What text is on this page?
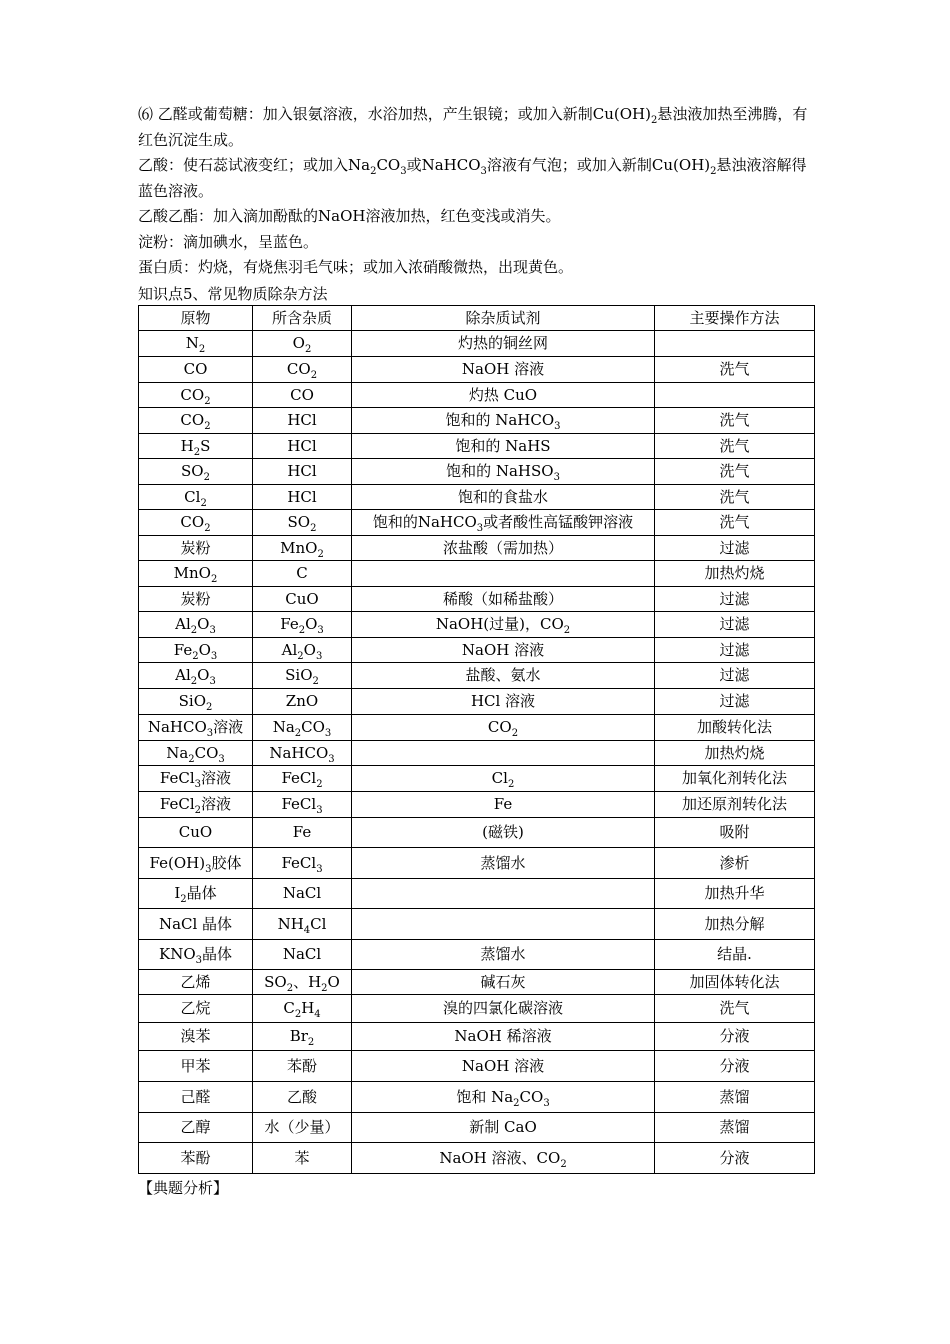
⑹ 乙醛或葡萄糖：加入银氨溶液，水浴加热，产生银镜；或加入新制$Cu(OH)_2$悬浊液加热至沸腾，有红色沉淀生成。

乙酸：使石蕊试液变红；或加入$Na_2CO_3$或NaHCO$_3$溶液有气泡；或加入新制$Cu(OH)_2$悬浊液溶解得蓝色溶液。

乙酸乙酯：加入滴加酚酞的NaOH溶液加热，红色变浅或消失。

淀粉：滴加碘水，呈蓝色。

蛋白质：灼烧，有烧焦羽毛气味；或加入浓硝酸微热，出现黄色。

知识点5、常见物质除杂方法
原物	所含杂质	除杂质试剂	主要操作方法
$N_2$	$O_2$	灼热的铜丝网	
CO	$CO_2$	NaOH 溶液	洗气
$CO_2$	CO	灼热 CuO	
$CO_2$	HCl	饱和的 NaHCO$_3$	洗气
$H_2S$	HCl	饱和的 NaHS	洗气
$SO_2$	HCl	饱和的 NaHSO$_3$	洗气
$Cl_2$	HCl	饱和的食盐水	洗气
$CO_2$	$SO_2$	饱和的NaHCO$_3$或者酸性高锰酸钾溶液	洗气
炭粉	MnO$_2$	浓盐酸（需加热）	过滤
MnO$_2$	C		加热灼烧
炭粉	CuO	稀酸（如稀盐酸）	过滤
$Al_2O_3$	$Fe_2O_3$	NaOH(过量)，$CO_2$	过滤
$Fe_2O_3$	$Al_2O_3$	NaOH 溶液	过滤
$Al_2O_3$	SiO$_2$	盐酸、氨水	过滤
SiO$_2$	ZnO	HCl 溶液	过滤
NaHCO$_3$溶液	$Na_2CO_3$	$CO_2$	加酸转化法
$Na_2CO_3$	NaHCO$_3$		加热灼烧
FeCl$_3$溶液	FeCl$_2$	$Cl_2$	加氧化剂转化法
FeCl$_2$溶液	FeCl$_3$	Fe	加还原剂转化法
CuO	Fe	(磁铁)	吸附
$Fe(OH)_3$胶体	FeCl$_3$	蒸馏水	渗析
$I_2$晶体	NaCl		加热升华
NaCl 晶体	$NH_4Cl$		加热分解
$KNO_3$晶体	NaCl	蒸馏水	结晶.
乙烯	$SO_2$、$H_2O$	碱石灰	加固体转化法
乙烷	$C_2H_4$	溴的四氯化碳溶液	洗气
溴苯	$Br_2$	NaOH 稀溶液	分液
甲苯	苯酚	NaOH 溶液	分液
己醛	乙酸	饱和 $Na_2CO_3$	蒸馏
乙醇	水（少量）	新制 CaO	蒸馏
苯酚	苯	NaOH 溶液、$CO_2$	分液
【典题分析】
